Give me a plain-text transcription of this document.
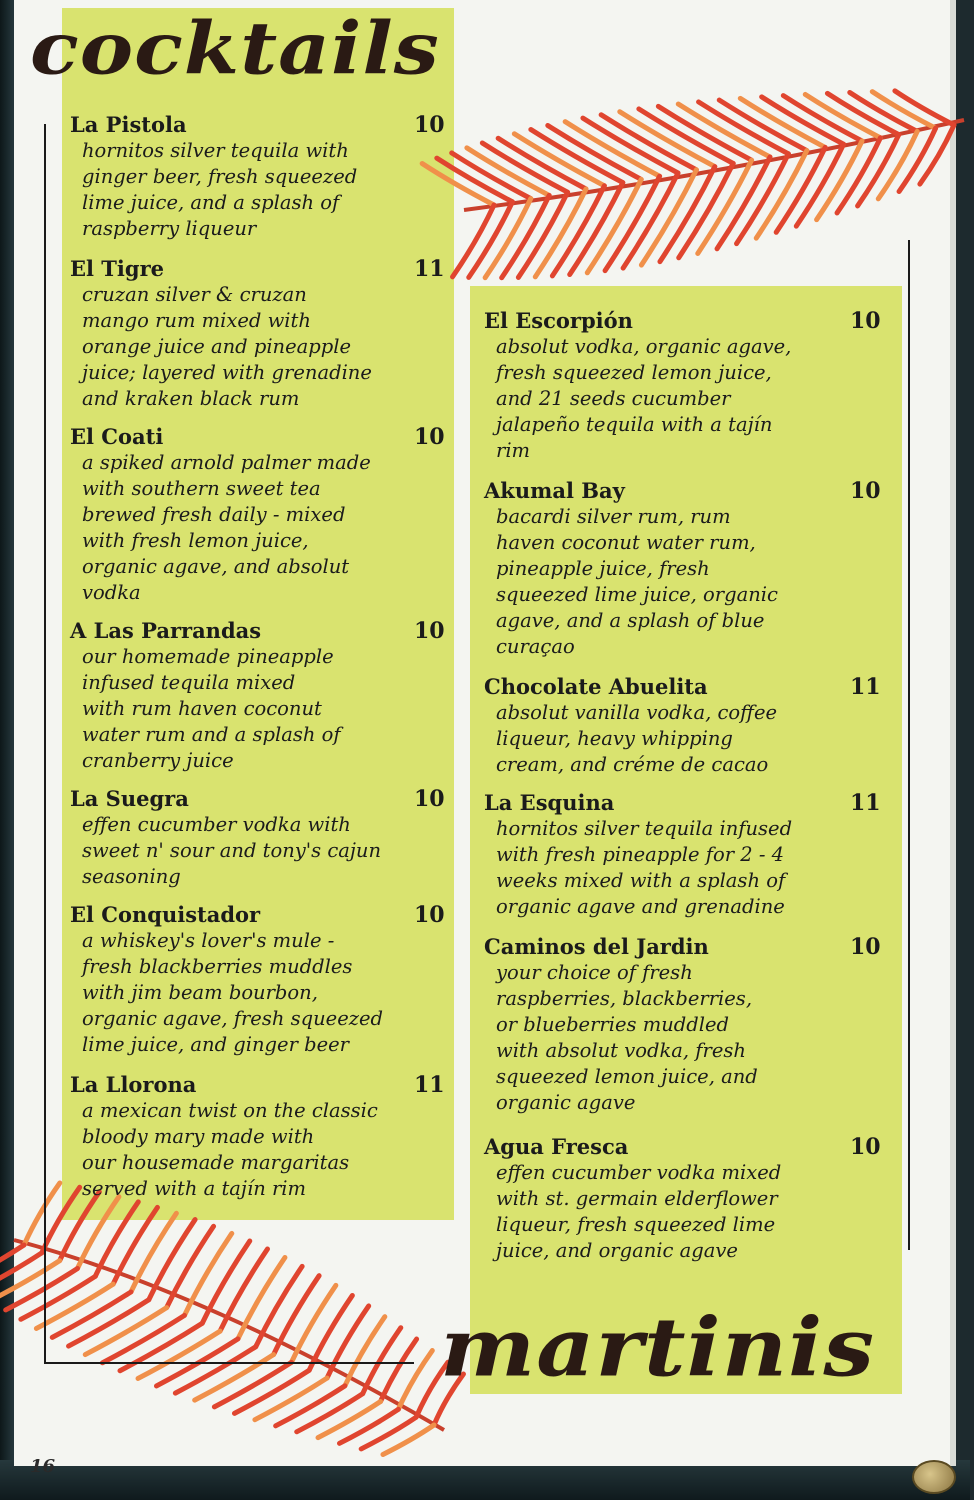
cocktails
martinis
La Pistola	10
hornitos silver tequila with
ginger beer, fresh squeezed
lime juice, and a splash of
raspberry liqueur
El Tigre	11
cruzan silver & cruzan
mango rum mixed with
orange juice and pineapple
juice; layered with grenadine
and kraken black rum
El Coati	10
a spiked arnold palmer made
with southern sweet tea
brewed fresh daily - mixed
with fresh lemon juice,
organic agave, and absolut
vodka
A Las Parrandas	10
our homemade pineapple
infused tequila mixed
with rum haven coconut
water rum and a splash of
cranberry juice
La Suegra	10
effen cucumber vodka with
sweet n' sour and tony's cajun
seasoning
El Conquistador	10
a whiskey's lover's mule -
fresh blackberries muddles
with jim beam bourbon,
organic agave, fresh squeezed
lime juice, and ginger beer
La Llorona	11
a mexican twist on the classic
bloody mary made with
our housemade margaritas
served with a tajín rim
El Escorpión	10
absolut vodka, organic agave,
fresh squeezed lemon juice,
and 21 seeds cucumber
jalapeño tequila with a tajín
rim
Akumal Bay	10
bacardi silver rum, rum
haven coconut water rum,
pineapple juice, fresh
squeezed lime juice, organic
agave, and a splash of blue
curaçao
Chocolate Abuelita	11
absolut vanilla vodka, coffee
liqueur, heavy whipping
cream, and créme de cacao
La Esquina	11
hornitos silver tequila infused
with fresh pineapple for 2 - 4
weeks mixed with a splash of
organic agave and grenadine
Caminos del Jardin	10
your choice of fresh
raspberries, blackberries,
or blueberries muddled
with absolut vodka, fresh
squeezed lemon juice, and
organic agave
Agua Fresca	10
effen cucumber vodka mixed
with st. germain elderflower
liqueur, fresh squeezed lime
juice, and organic agave
16
